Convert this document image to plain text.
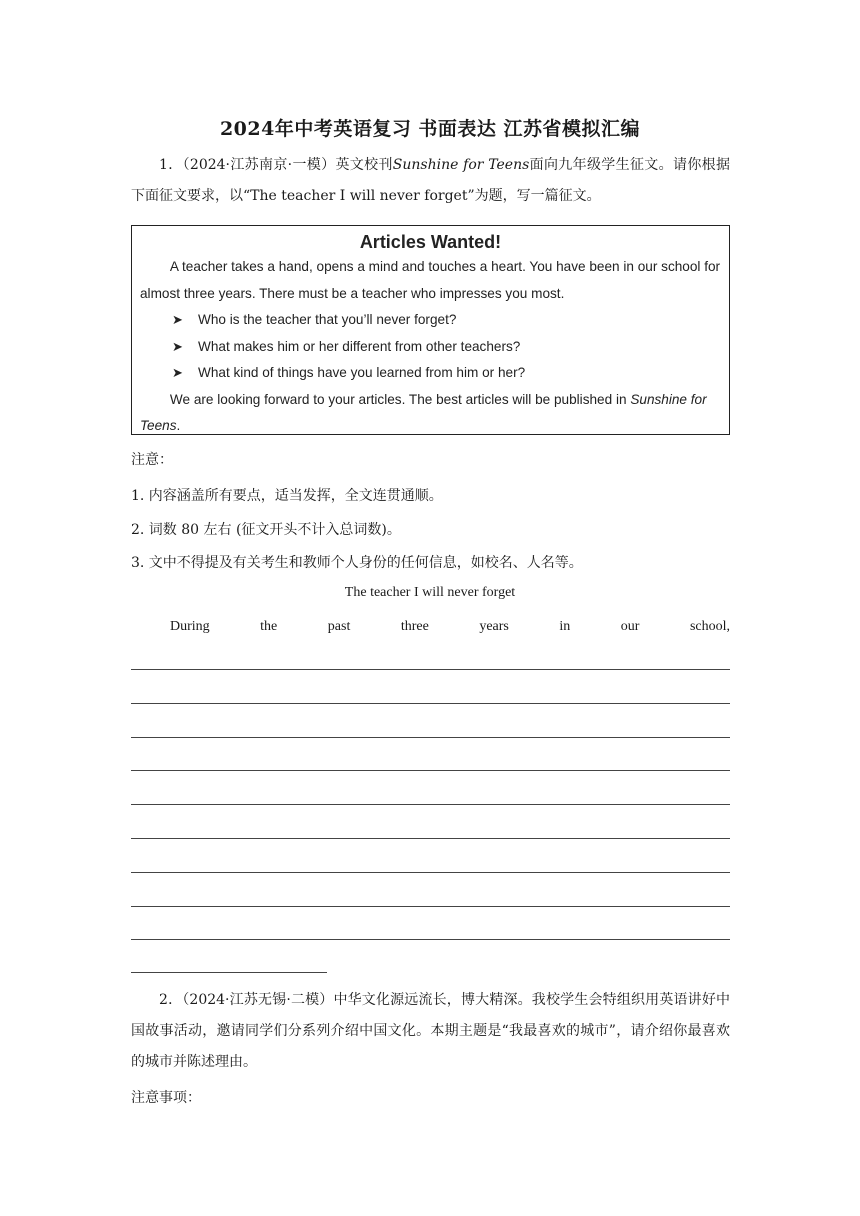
2024年中考英语复习 书面表达 江苏省模拟汇编
1．（2024·江苏南京·一模）英文校刊Sunshine for Teens面向九年级学生征文。请你根据下面征文要求，以“The teacher I will never forget”为题，写一篇征文。
Articles Wanted!

A teacher takes a hand, opens a mind and touches a heart. You have been in our school for almost three years. There must be a teacher who impresses you most.

➤ Who is the teacher that you’ll never forget?
➤ What makes him or her different from other teachers?
➤ What kind of things have you learned from him or her?

We are looking forward to your articles. The best articles will be published in Sunshine for Teens.

注意：
1. 内容涵盖所有要点，适当发挥，全文连贯通顺。
2. 词数 80 左右 (征文开头不计入总词数)。
3. 文中不得提及有关考生和教师个人身份的任何信息，如校名、人名等。
The teacher I will never forget
During	the	past	three	years	in	our	school,
2．（2024·江苏无锡·二模）中华文化源远流长，博大精深。我校学生会特组织用英语讲好中国故事活动，邀请同学们分系列介绍中国文化。本期主题是“我最喜欢的城市”，请介绍你最喜欢的城市并陈述理由。
注意事项：
